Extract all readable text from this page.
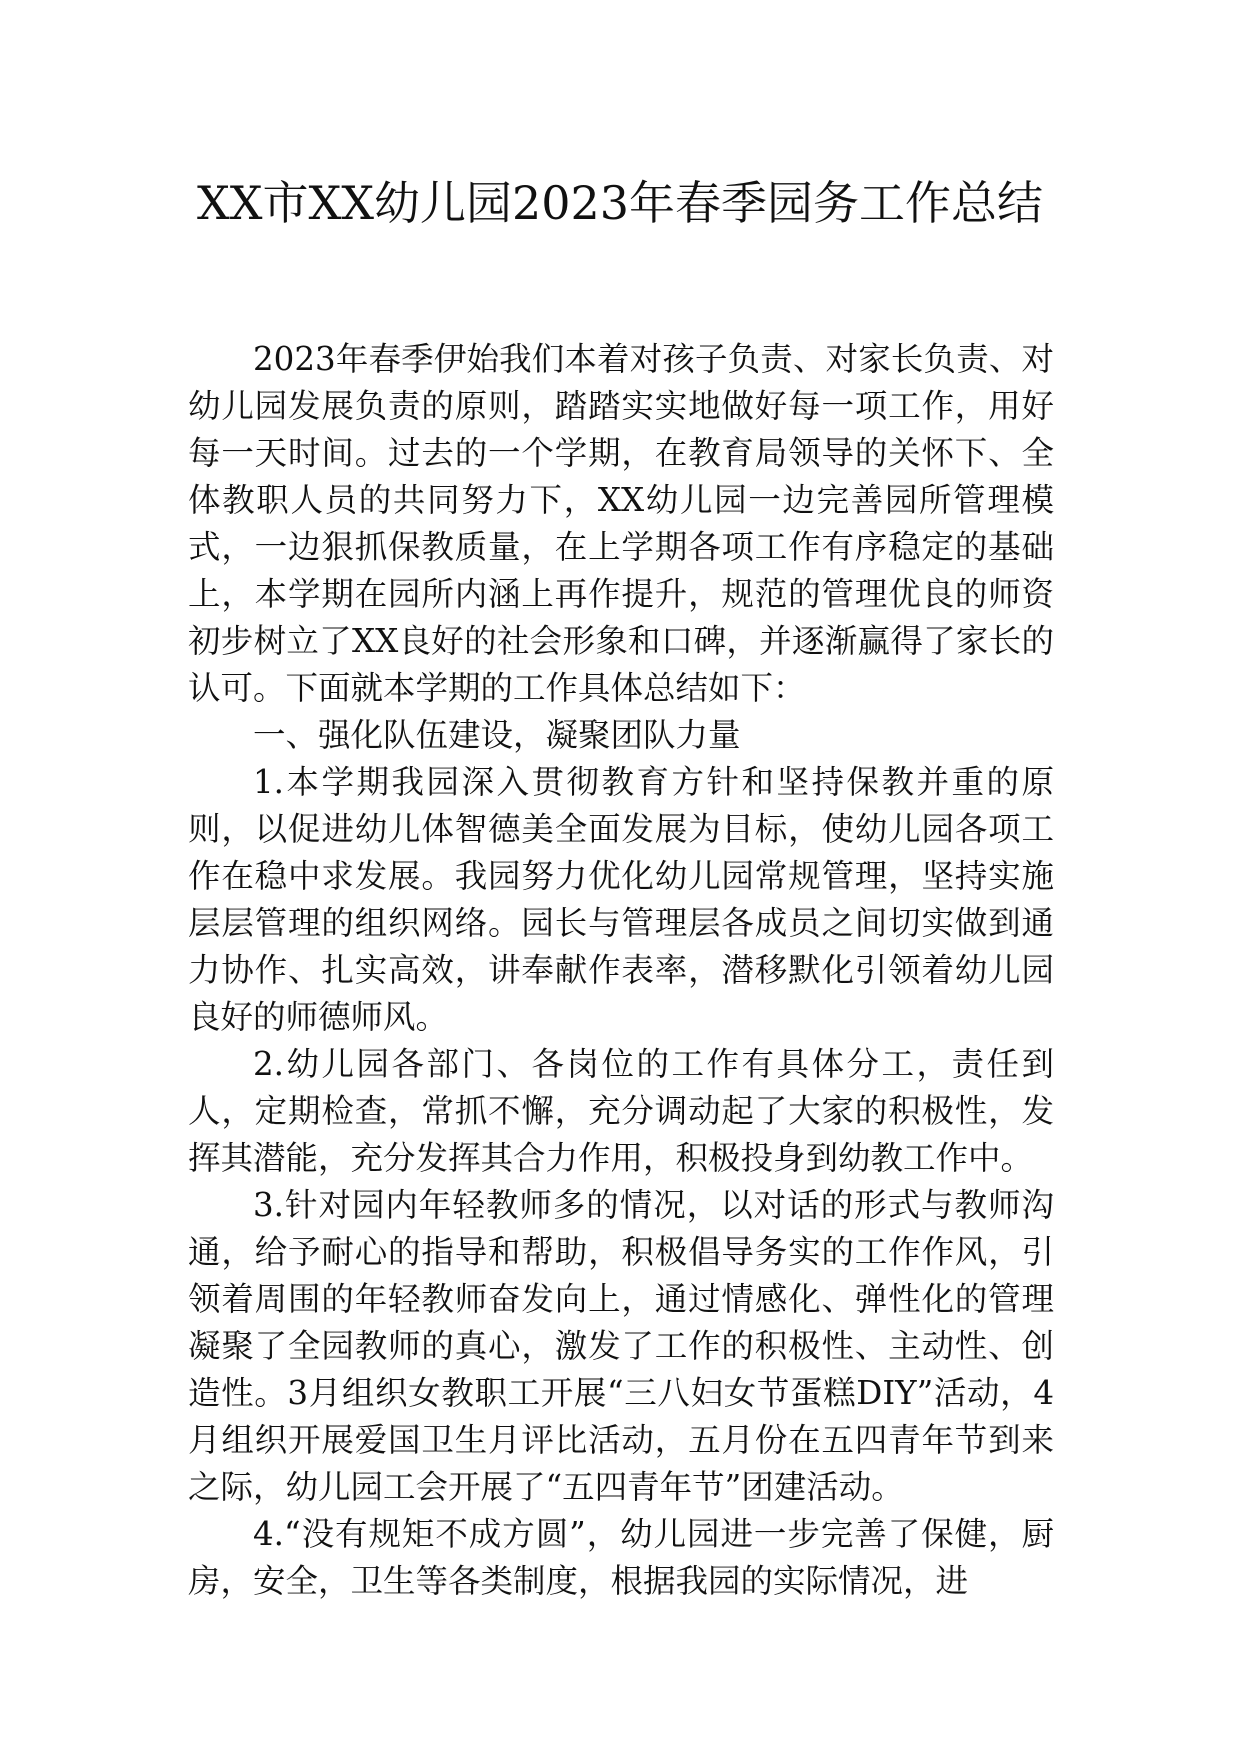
XX市XX幼儿园2023年春季园务工作总结

2023年春季伊始我们本着对孩子负责、对家长负责、对幼儿园发展负责的原则，踏踏实实地做好每一项工作，用好每一天时间。过去的一个学期，在教育局领导的关怀下、全体教职人员的共同努力下，XX幼儿园一边完善园所管理模式，一边狠抓保教质量，在上学期各项工作有序稳定的基础上，本学期在园所内涵上再作提升，规范的管理优良的师资初步树立了XX良好的社会形象和口碑，并逐渐赢得了家长的认可。下面就本学期的工作具体总结如下：

一、强化队伍建设，凝聚团队力量

1.本学期我园深入贯彻教育方针和坚持保教并重的原则，以促进幼儿体智德美全面发展为目标，使幼儿园各项工作在稳中求发展。我园努力优化幼儿园常规管理，坚持实施层层管理的组织网络。园长与管理层各成员之间切实做到通力协作、扎实高效，讲奉献作表率，潜移默化引领着幼儿园良好的师德师风。

2.幼儿园各部门、各岗位的工作有具体分工，责任到人，定期检查，常抓不懈，充分调动起了大家的积极性，发挥其潜能，充分发挥其合力作用，积极投身到幼教工作中。

3.针对园内年轻教师多的情况，以对话的形式与教师沟通，给予耐心的指导和帮助，积极倡导务实的工作作风，引领着周围的年轻教师奋发向上，通过情感化、弹性化的管理凝聚了全园教师的真心，激发了工作的积极性、主动性、创造性。3月组织女教职工开展“三八妇女节蛋糕DIY”活动，4月组织开展爱国卫生月评比活动，五月份在五四青年节到来之际，幼儿园工会开展了“五四青年节”团建活动。

4.“没有规矩不成方圆”，幼儿园进一步完善了保健，厨房，安全，卫生等各类制度，根据我园的实际情况，进
